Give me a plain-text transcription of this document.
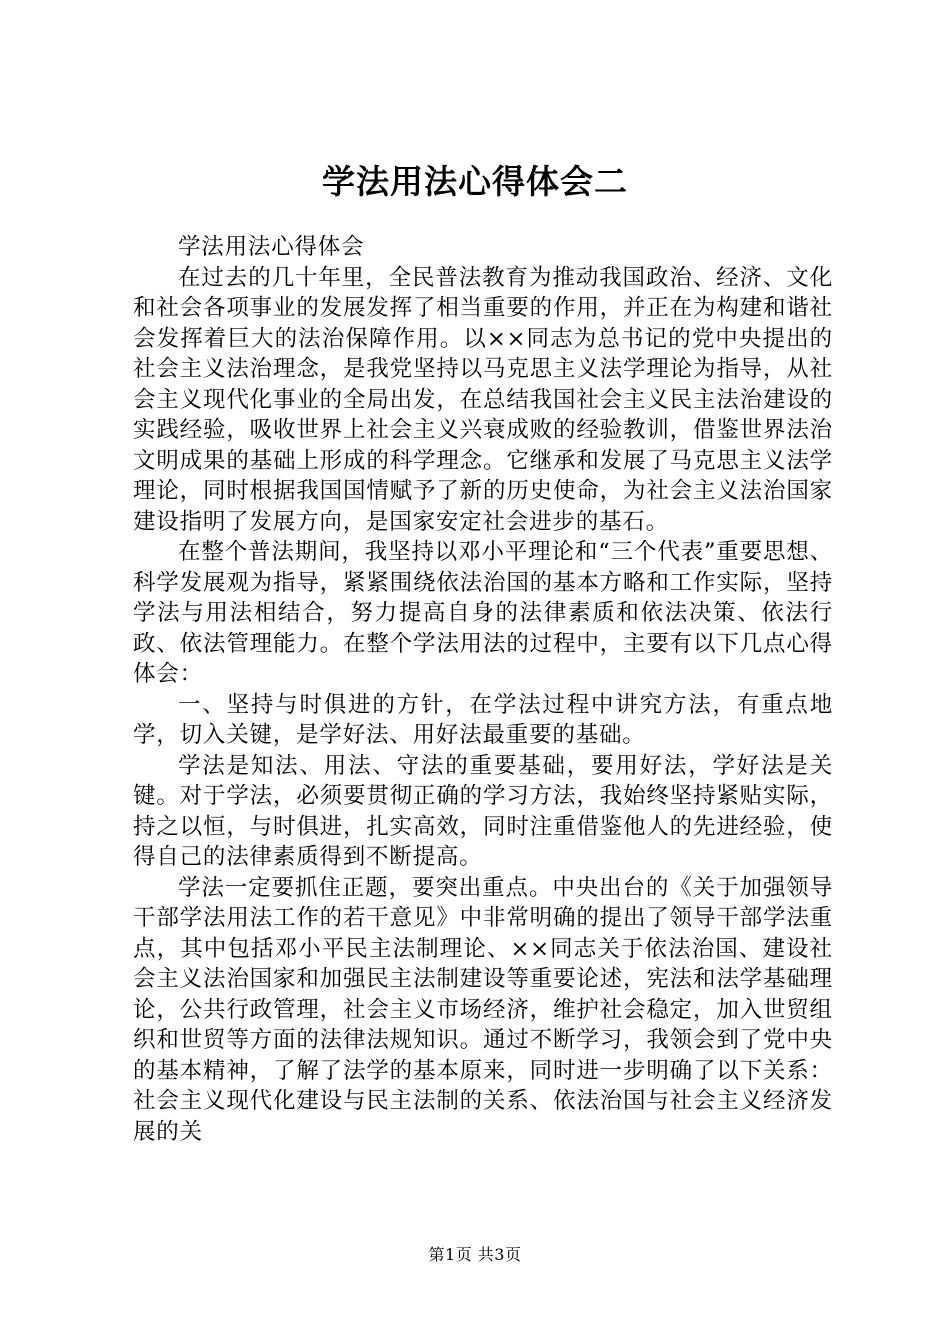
学法用法心得体会二

学法用法心得体会

在过去的几十年里，全民普法教育为推动我国政治、经济、文化和社会各项事业的发展发挥了相当重要的作用，并正在为构建和谐社会发挥着巨大的法治保障作用。以××同志为总书记的党中央提出的社会主义法治理念，是我党坚持以马克思主义法学理论为指导，从社会主义现代化事业的全局出发，在总结我国社会主义民主法治建设的实践经验，吸收世界上社会主义兴衰成败的经验教训，借鉴世界法治文明成果的基础上形成的科学理念。它继承和发展了马克思主义法学理论，同时根据我国国情赋予了新的历史使命，为社会主义法治国家建设指明了发展方向，是国家安定社会进步的基石。

在整个普法期间，我坚持以邓小平理论和“三个代表”重要思想、科学发展观为指导，紧紧围绕依法治国的基本方略和工作实际，坚持学法与用法相结合，努力提高自身的法律素质和依法决策、依法行政、依法管理能力。在整个学法用法的过程中，主要有以下几点心得体会：

一、坚持与时俱进的方针，在学法过程中讲究方法，有重点地学，切入关键，是学好法、用好法最重要的基础。

学法是知法、用法、守法的重要基础，要用好法，学好法是关键。对于学法，必须要贯彻正确的学习方法，我始终坚持紧贴实际，持之以恒，与时俱进，扎实高效，同时注重借鉴他人的先进经验，使得自己的法律素质得到不断提高。

学法一定要抓住正题，要突出重点。中央出台的《关于加强领导干部学法用法工作的若干意见》中非常明确的提出了领导干部学法重点，其中包括邓小平民主法制理论、××同志关于依法治国、建设社会主义法治国家和加强民主法制建设等重要论述，宪法和法学基础理论，公共行政管理，社会主义市场经济，维护社会稳定，加入世贸组织和世贸等方面的法律法规知识。通过不断学习，我领会到了党中央的基本精神，了解了法学的基本原来，同时进一步明确了以下关系：社会主义现代化建设与民主法制的关系、依法治国与社会主义经济发展的关

第1页 共3页
